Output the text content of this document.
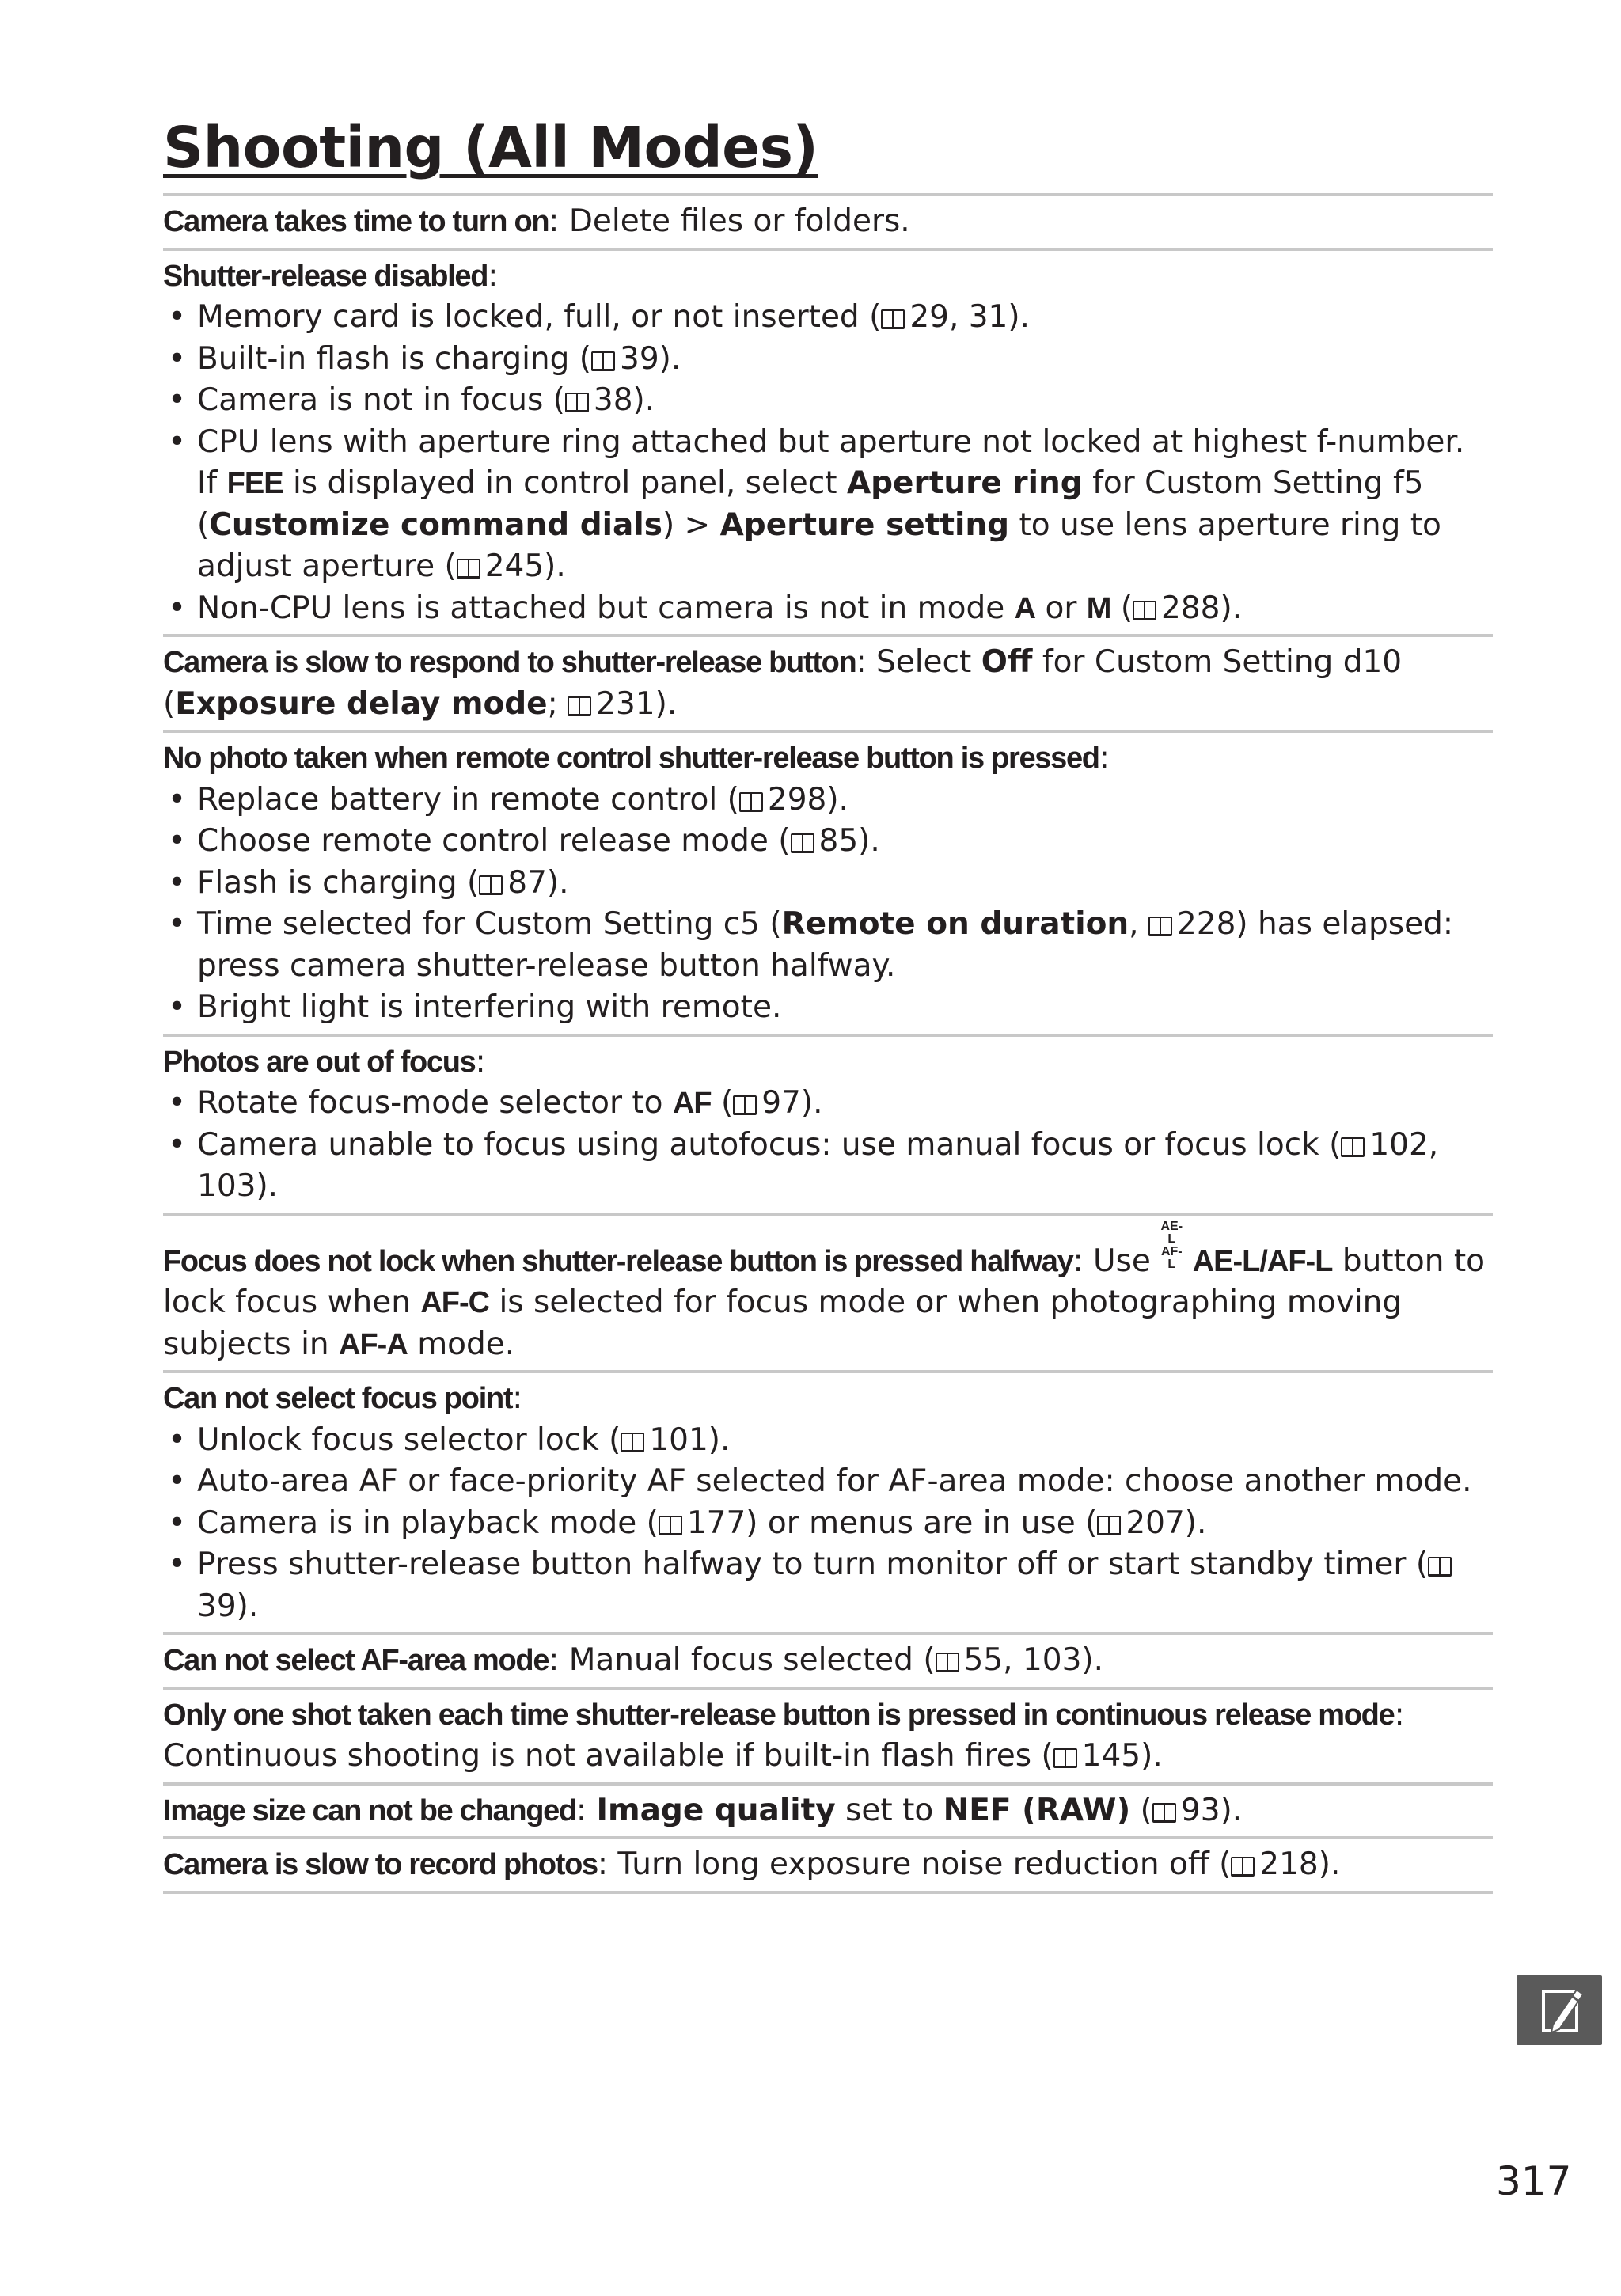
Shooting (All Modes)
Camera takes time to turn on: Delete files or folders.
Shutter-release disabled:
• Memory card is locked, full, or not inserted ( 29, 31).
• Built-in flash is charging ( 39).
• Camera is not in focus ( 38).
• CPU lens with aperture ring attached but aperture not locked at highest f-number. If FEE is displayed in control panel, select Aperture ring for Custom Setting f5 (Customize command dials) > Aperture setting to use lens aperture ring to adjust aperture ( 245).
• Non-CPU lens is attached but camera is not in mode A or M ( 288).
Camera is slow to respond to shutter-release button: Select Off for Custom Setting d10 (Exposure delay mode; 231).
No photo taken when remote control shutter-release button is pressed:
• Replace battery in remote control ( 298).
• Choose remote control release mode ( 85).
• Flash is charging ( 87).
• Time selected for Custom Setting c5 (Remote on duration, 228) has elapsed: press camera shutter-release button halfway.
• Bright light is interfering with remote.
Photos are out of focus:
• Rotate focus-mode selector to AF ( 97).
• Camera unable to focus using autofocus: use manual focus or focus lock ( 102, 103).
Focus does not lock when shutter-release button is pressed halfway: Use AE-L
AF-L AE-L/AF-L button to lock focus when AF-C is selected for focus mode or when photographing moving subjects in AF-A mode.
Can not select focus point:
• Unlock focus selector lock ( 101).
• Auto-area AF or face-priority AF selected for AF-area mode: choose another mode.
• Camera is in playback mode ( 177) or menus are in use ( 207).
• Press shutter-release button halfway to turn monitor off or start standby timer (39).
Can not select AF-area mode: Manual focus selected ( 55, 103).
Only one shot taken each time shutter-release button is pressed in continuous release mode: Continuous shooting is not available if built-in flash fires ( 145).
Image size can not be changed: Image quality set to NEF (RAW) ( 93).
Camera is slow to record photos: Turn long exposure noise reduction off ( 218).
317
